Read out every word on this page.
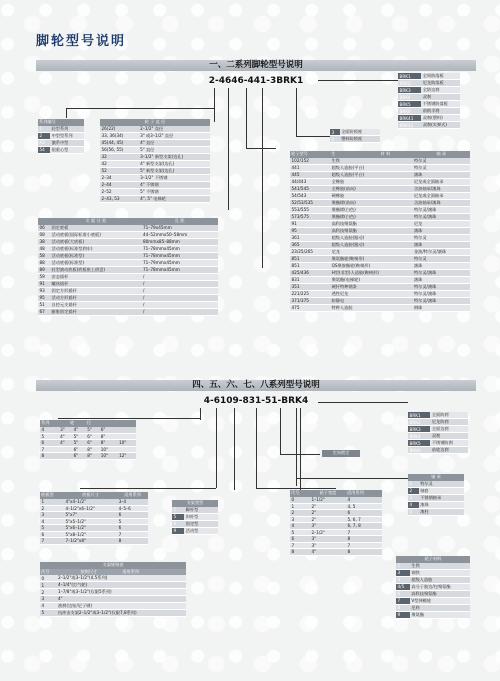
脚轮型号说明
一、二系列脚轮型号说明
2-4646-441-3BRK1
系列编号	
1	轻型系列
2	中型型系列
A2	激系中型
54	很重心型
轮 子 直 径	
26(22)	2–1/2" 直径
33, 36(34)	3" 或3–1/2" 直径
45(44, 45)	4" 直径
56(56, 55)	5" 直径
32	3–1/2" 新型支架(边孔)
42	4" 新型支架(边孔)
52	5" 新型支架(边孔)
2–34	3–1/2" 不锈钢
2–44	4" 不锈钢
2–52	5" 不锈钢
2–43, 53	4", 5" 电梯轮
3	全面防锁废
4	塑料防锁废
BRK1	全周防落板
BRK2	尼龙防落板
BRK3	全防边刹
BRK4	双刹
BRK5	不锈钢防落板
BRK6	前锁半刹
BRK41	双刹(塑料)
BRK42	双刹(实弹式)
	支 架 分 类	孔 距
06	固定底板	71–79x45mm
08	活动底板(国际标准小底板)	44–52mmx50–58mm
38	活动底板(大底板)	80mmx85–88mm
48	活动底板(标准型刹车)	71–78mmx45mm
58	活动底板(标准型)	71–78mmx45mm
88	活动底板(标准型)	71–79mmx45mm
89	轻型滚动底板(底板座上借盘)	71–78mmx45mm
59	安态插杆	/
91	螺丝插杆	/
93	固定方形插杆	/
95	活动方形插杆	/
51	自控元支插杆	/
67	膨胀固定插杆	/
轮子型号	生	材 料	轴 承
102/152	生铁		特尔灵
441	超级人造胶(平台)		特尔灵
445	超级人造胶(平台)		滚珠
44/443	全橡胶		尼龙或全面轴承
541/545	全橡胶(前向)		含油轴承/滚珠
54/543	硬橡胶		尼龙或全面轴承
52/53/535	聚酯烯(前向)		含油轴承/滚珠
553/555	聚酯烯(白色)		特尔灵/滚珠
573/575	聚酯烯(白色)		特尔灵/滚珠
91	高科技聚氨酯		尼龙
95	高科技聚氨酯		滚珠
361	超级人造胶(跟动)		特尔灵
365	超级人造胶(跟动)		滚珠
23/25/265	尼龙		金油/特尔灵/滚珠
851	聚氨酯轮(鞍椅形)		特尔灵
851	QS聚胺酯轮(鞍椅形)		滚珠
425/436	H型(非型)人造胶(鞍椅形)		特尔灵/滚珠
831	聚氨酯(电梯轮)		滚珠
351	硬杆特种钢条		特尔灵/滚珠
221/225	透性尼龙		特尔灵/滚珠
371/375	防静电		特尔灵/滚珠
475	特种人造胶		钢珠
四、五、六、七、八系列型号说明
4-6109-831-51-BRK4
系列	轮		径		
4	3"	4"	5"	6"	
5	4"	5"	6"	8"	
6	4"	5"	6"	8"	10"
7		6"	8"	10"	
8		6"	8"	10"	12"
定向锁定
BRK1	全面防刹
BRK2	尼龙防刹
BRK3	全面边刹
BRK4	双刹
BRK5	不锈钢防刹
BRK6	前轮边刹
底板型	底板尺寸	适用系列
1	4"x4–1/2"	3–4
2	4–1/2"x6–1/2"	4–5–6
3	5"x7"	6
4	5"x5–1/2"	5
5	5"x6–1/2"	6
6	5"x8–1/2"	7
7	7–1/2"x8"	8
支架类型	
1	脚杆型
5	斜杆型
6	固定型
9	活动型
代号	轮子宽度	适用系列
0	1–1/2"	4
1	2"	4, 5
2	2"	6
3	2"	5, 6, 7
4	3"	6, 7, 8
5	2–1/2"	7
6	3"	8
7	3"	7
8	4"	8
轴 承	
1	特尔灵
2	轴套
3	不锈钢轴承
4	滚珠
5	滚柱
支架规格表		
代号	按刹尺寸	适用系列
0	2–1/2"或3–1/2"(4,5系列)	
1	4–1/4"(打气轮)	
2	1–7/8"或3–1/2"(仅限5系列)	
3	4"	
4	液刹(边钻/尼子钢)	
5	抗冲击支架2–1/2"或3–1/2"(仅限7,8系列)	
轮子材料	
1	生铁
3	钢铁
3	超级人造胶
4/5	高分子胶边/包聚氨酯
6	高科技聚氨酯
7	V型弹模轮
8	尼料
9	聚氨酯
